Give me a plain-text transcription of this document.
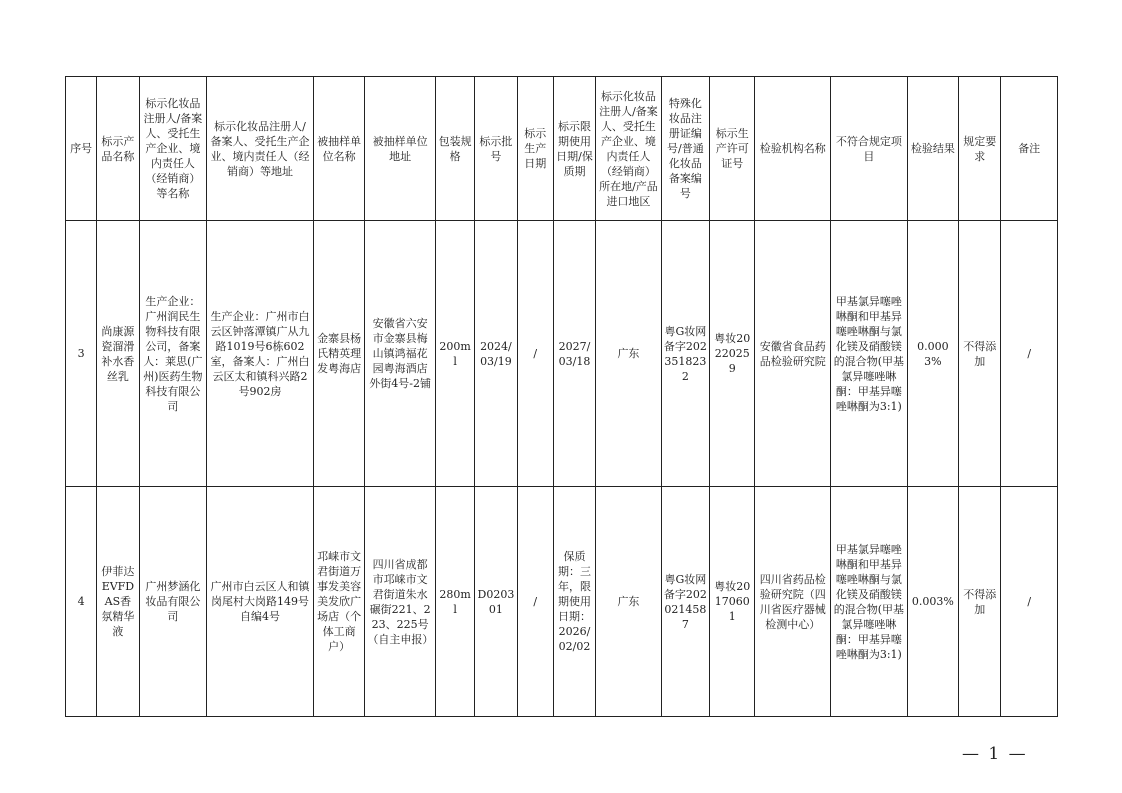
序号	标示产品名称	标示化妆品注册人/备案人、受托生产企业、境内责任人（经销商）等名称	标示化妆品注册人/备案人、受托生产企业、境内责任人（经销商）等地址	被抽样单位名称	被抽样单位地址	包装规格	标示批号	标示生产日期	标示限期使用日期/保质期	标示化妆品注册人/备案人、受托生产企业、境内责任人（经销商）所在地/产品进口地区	特殊化妆品注册证编号/普通化妆品备案编号	标示生产许可证号	检验机构名称	不符合规定项目	检验结果	规定要求	备注
3	尚康源瓷溜滑补水香丝乳	生产企业：广州润民生物科技有限公司，备案人：莱思(广州)医药生物科技有限公司	生产企业：广州市白云区钟落潭镇广从九路1019号6栋602室，备案人：广州白云区太和镇科兴路2号902房	金寨县杨氏精英理发粤海店	安徽省六安市金寨县梅山镇鸿福花园粤海酒店外街4号-2铺	200ml	2024/03/19	/	2027/03/18	广东	粤G妆网备字2023518232	粤妆20220259	安徽省食品药品检验研究院	甲基氯异噻唑啉酮和甲基异噻唑啉酮与氯化镁及硝酸镁的混合物(甲基氯异噻唑啉酮：甲基异噻唑啉酮为3:1)	0.0003%	不得添加	/
4	伊菲达EVFDAS香氛精华液	广州梦涵化妆品有限公司	广州市白云区人和镇岗尾村大岗路149号自编4号	邛崃市文君街道万事发美容美发欣广场店（个体工商户）	四川省成都市邛崃市文君街道朱水碾街221、223、225号（自主申报）	280ml	D020301	/	保质期：三年，限期使用日期：2026/02/02	广东	粤G妆网备字2020214587	粤妆20170601	四川省药品检验研究院（四川省医疗器械检测中心）	甲基氯异噻唑啉酮和甲基异噻唑啉酮与氯化镁及硝酸镁的混合物(甲基氯异噻唑啉酮：甲基异噻唑啉酮为3:1)	0.003%	不得添加	/
— 1 —
